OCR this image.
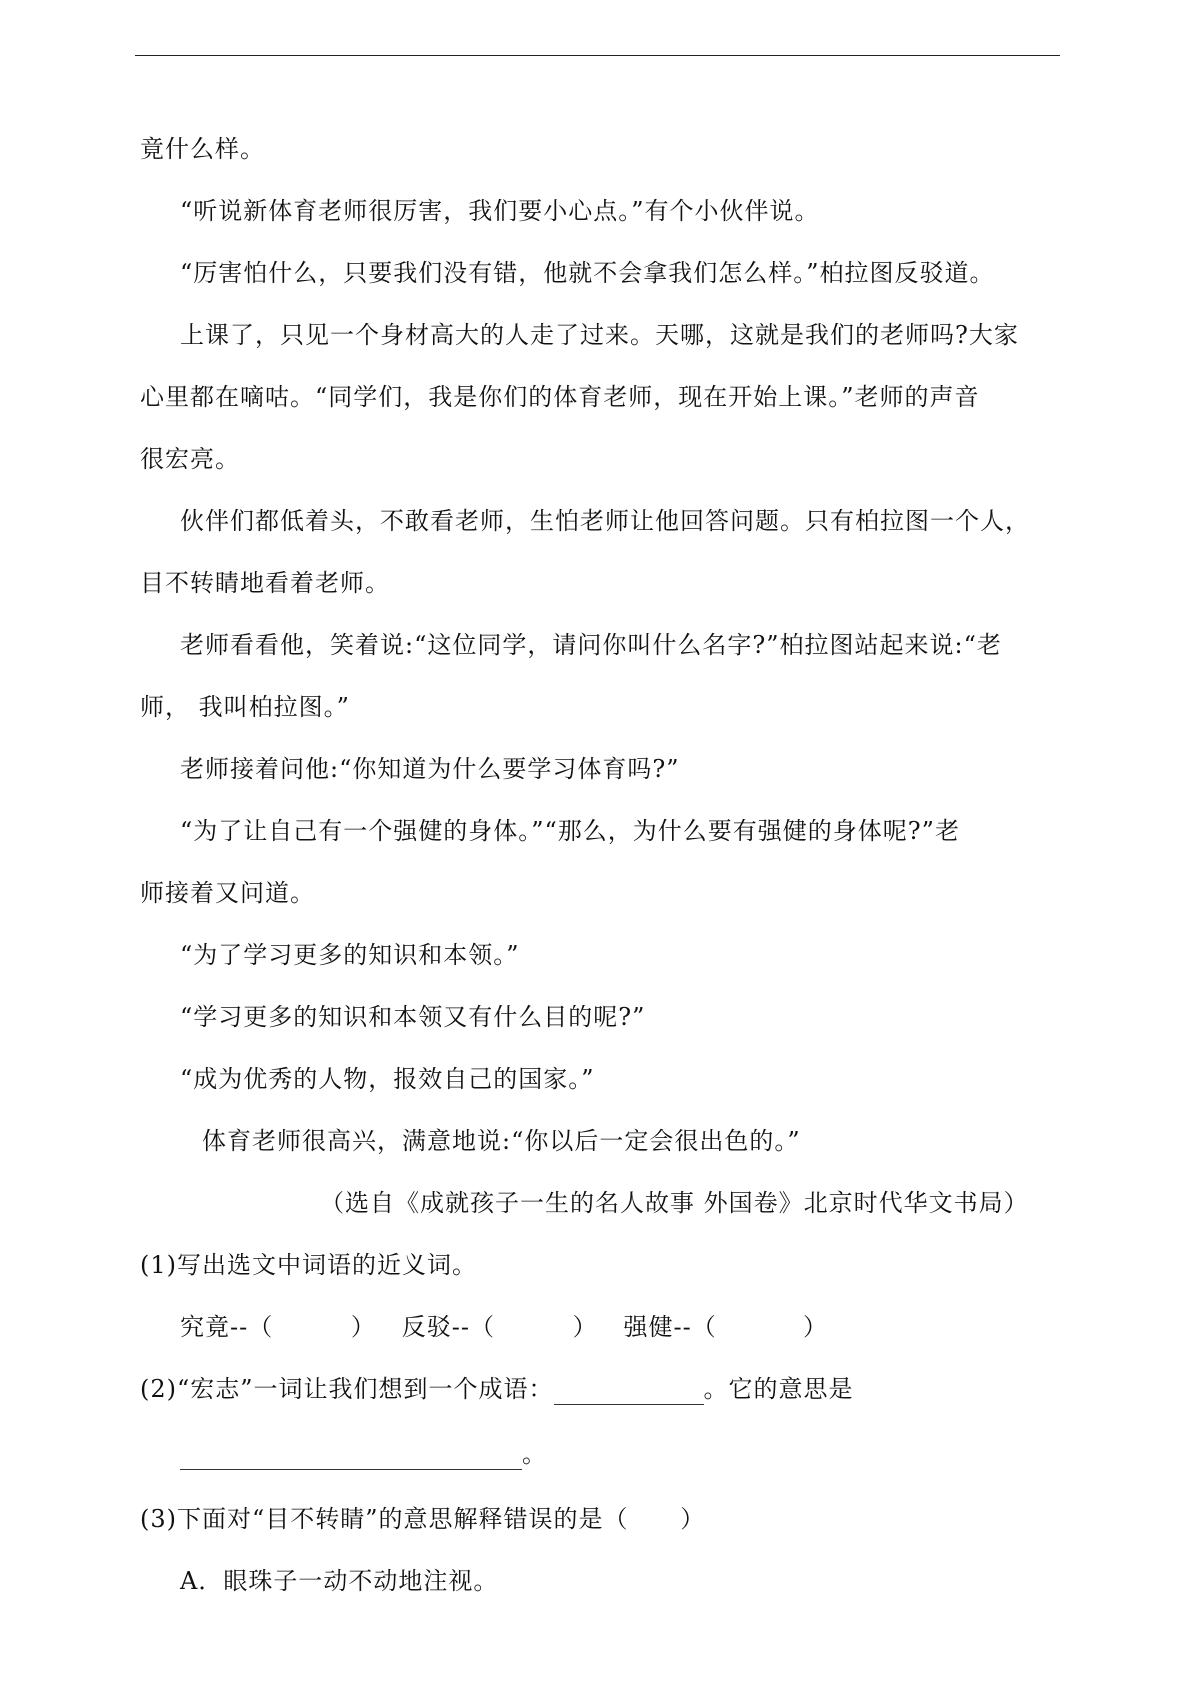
竟什么样。
“听说新体育老师很厉害，我们要小心点。”有个小伙伴说。
“厉害怕什么，只要我们没有错，他就不会拿我们怎么样。”柏拉图反驳道。
上课了，只见一个身材高大的人走了过来。天哪，这就是我们的老师吗?大家
心里都在嘀咕。“同学们，我是你们的体育老师，现在开始上课。”老师的声音
很宏亮。
伙伴们都低着头，不敢看老师，生怕老师让他回答问题。只有柏拉图一个人，
目不转睛地看着老师。
老师看看他，笑着说:“这位同学，请问你叫什么名字?”柏拉图站起来说:“老
师， 我叫柏拉图。”
老师接着问他:“你知道为什么要学习体育吗?”
“为了让自己有一个强健的身体。”“那么，为什么要有强健的身体呢?”老
师接着又问道。
“为了学习更多的知识和本领。”
“学习更多的知识和本领又有什么目的呢?”
“成为优秀的人物，报效自己的国家。”
体育老师很高兴，满意地说:“你以后一定会很出色的。”
（选自《成就孩子一生的名人故事 外国卷》北京时代华文书局）
(1)写出选文中词语的近义词。
究竟--（         ）   反驳--（         ）   强健--（          ）
(2)“宏志”一词让我们想到一个成语：	。它的意思是
。
(3)下面对“目不转睛”的意思解释错误的是（      ）
A．眼珠子一动不动地注视。
